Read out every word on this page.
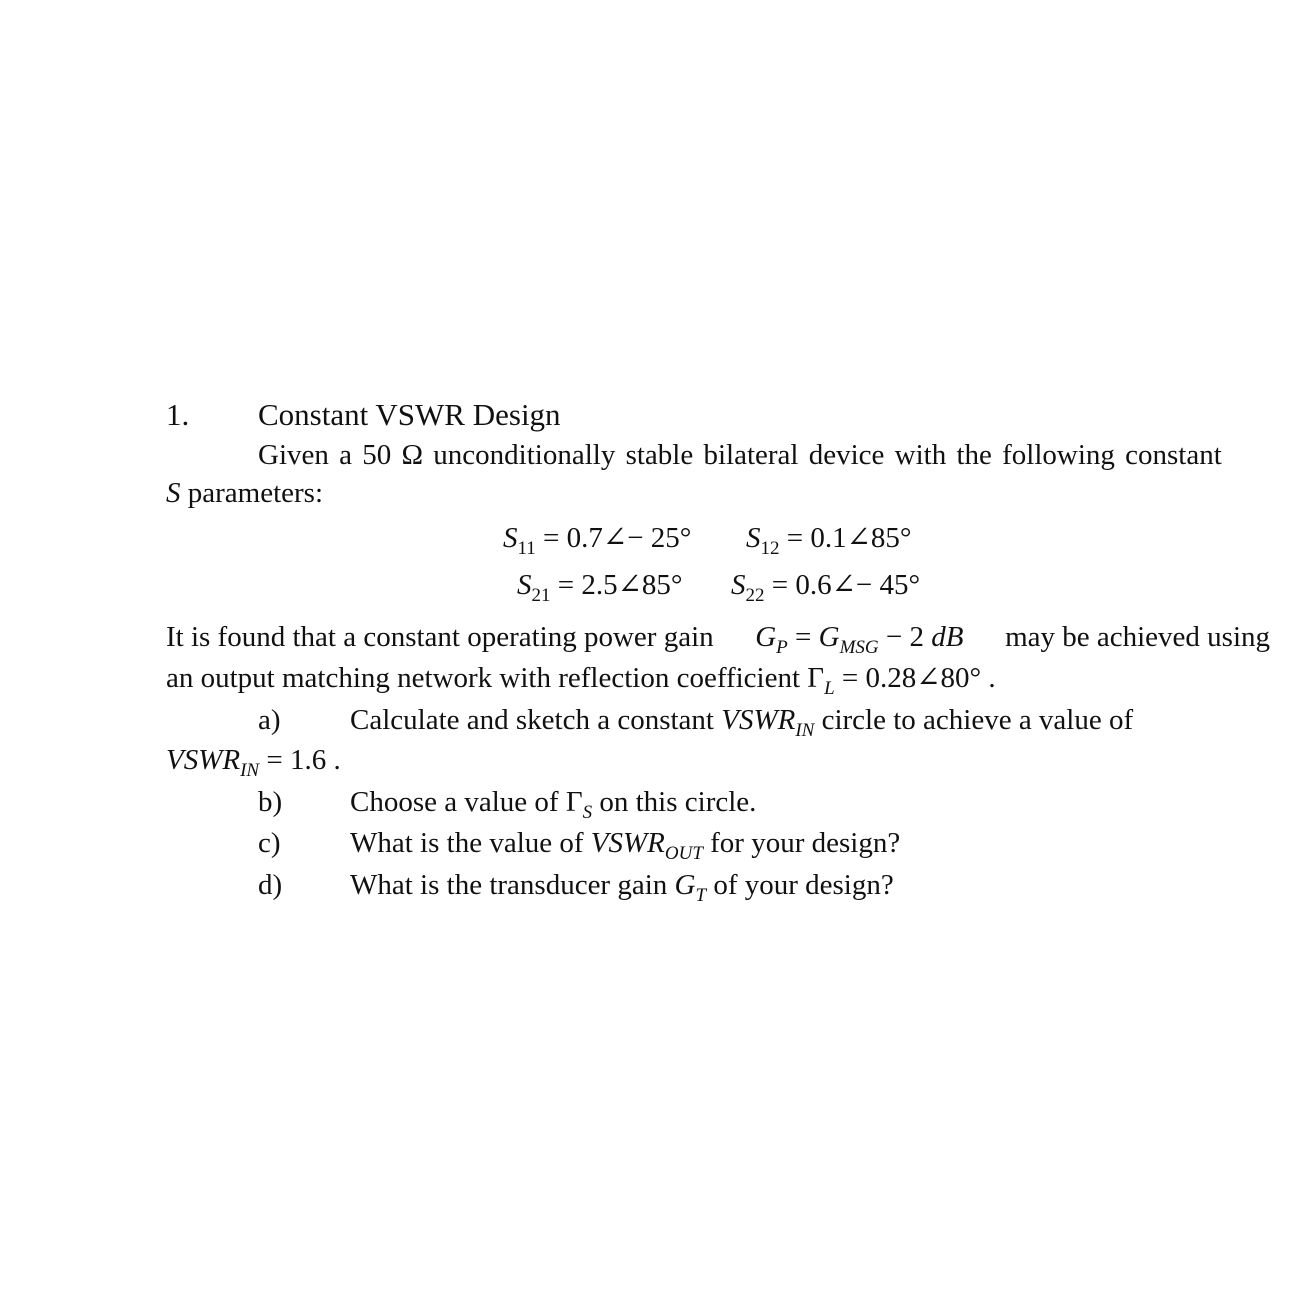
1. Constant VSWR Design
Given a 50 Ω unconditionally stable bilateral device with the following constant
S parameters:
$S_{11}$ = 0.7∠− 25° $S_{12}$ = 0.1∠85°
$S_{21}$ = 2.5∠85° $S_{22}$ = 0.6∠− 45°
It is found that a constant operating power gain $G_P = G_{MSG} - 2$ dB may be achieved using
an output matching network with reflection coefficient $\Gamma_L$ = 0.28∠80° .
a) Calculate and sketch a constant $VSWR_{IN}$ circle to achieve a value of
$VSWR_{IN} = 1.6$ .
b) Choose a value of $\Gamma_S$ on this circle.
c) What is the value of $VSWR_{OUT}$ for your design?
d) What is the transducer gain $G_T$ of your design?
